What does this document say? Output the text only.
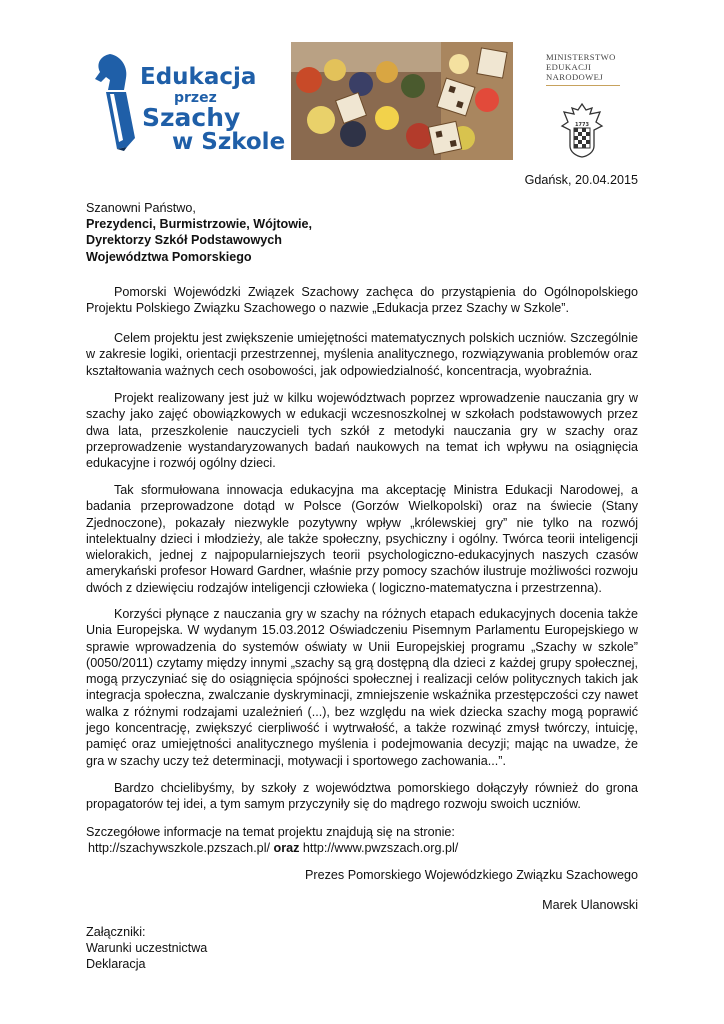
Edukacja
przez
Szachy
w Szkole
MINISTERSTWO
EDUKACJI
NARODOWEJ
1773
Gdańsk, 20.04.2015
Szanowni Państwo,
Prezydenci, Burmistrzowie, Wójtowie,
Dyrektorzy Szkół Podstawowych
Województwa Pomorskiego

Pomorski Wojewódzki Związek Szachowy zachęca do przystąpienia do Ogólnopolskiego Projektu Polskiego Związku Szachowego o nazwie „Edukacja przez Szachy w Szkole”.

Celem projektu jest zwiększenie umiejętności matematycznych polskich uczniów. Szczególnie w zakresie logiki, orientacji przestrzennej, myślenia analitycznego, rozwiązywania problemów oraz kształtowania ważnych cech osobowości, jak odpowiedzialność, koncentracja, wyobraźnia.

Projekt realizowany jest już w kilku województwach poprzez wprowadzenie nauczania gry w szachy jako zajęć obowiązkowych w edukacji wczesnoszkolnej w szkołach podstawowych przez dwa lata, przeszkolenie nauczycieli tych szkół z metodyki nauczania gry w szachy oraz przeprowadzenie wystandaryzowanych badań naukowych na temat ich wpływu na osiągnięcia edukacyjne i rozwój ogólny dzieci.

Tak sformułowana innowacja edukacyjna ma akceptację Ministra Edukacji Narodowej, a badania przeprowadzone dotąd w Polsce (Gorzów Wielkopolski) oraz na świecie (Stany Zjednoczone), pokazały niezwykle pozytywny wpływ „królewskiej gry” nie tylko na rozwój intelektualny dzieci i młodzieży, ale także społeczny, psychiczny i ogólny. Twórca teorii inteligencji wielorakich, jednej z najpopularniejszych teorii psychologiczno-edukacyjnych naszych czasów amerykański profesor Howard Gardner, właśnie przy pomocy szachów ilustruje możliwości rozwoju dwóch z dziewięciu rodzajów inteligencji człowieka ( logiczno-matematyczna i przestrzenna).

Korzyści płynące z nauczania gry w szachy na różnych etapach edukacyjnych docenia także Unia Europejska. W wydanym 15.03.2012 Oświadczeniu Pisemnym Parlamentu Europejskiego w sprawie wprowadzenia do systemów oświaty w Unii Europejskiej programu „Szachy w szkole” (0050/2011) czytamy między innymi „szachy są grą dostępną dla dzieci z każdej grupy społecznej, mogą przyczyniać się do osiągnięcia spójności społecznej i realizacji celów politycznych takich jak integracja społeczna, zwalczanie dyskryminacji, zmniejszenie wskaźnika przestępczości czy nawet walka z różnymi rodzajami uzależnień (...), bez względu na wiek dziecka szachy mogą poprawić jego koncentrację, zwiększyć cierpliwość i wytrwałość, a także rozwinąć zmysł twórczy, intuicję, pamięć oraz umiejętności analitycznego myślenia i podejmowania decyzji; mając na uwadze, że gra w szachy uczy też determinacji, motywacji i sportowego zachowania...”.

Bardzo chcielibyśmy, by szkoły z województwa pomorskiego dołączyły również do grona propagatorów tej idei, a tym samym przyczyniły się do mądrego rozwoju swoich uczniów.

Szczegółowe informacje na temat projektu znajdują się na stronie:
http://szachywszkole.pzszach.pl/ oraz http://www.pwzszach.org.pl/
Prezes Pomorskiego Wojewódzkiego Związku Szachowego
Marek Ulanowski
Załączniki:
Warunki uczestnictwa
Deklaracja
